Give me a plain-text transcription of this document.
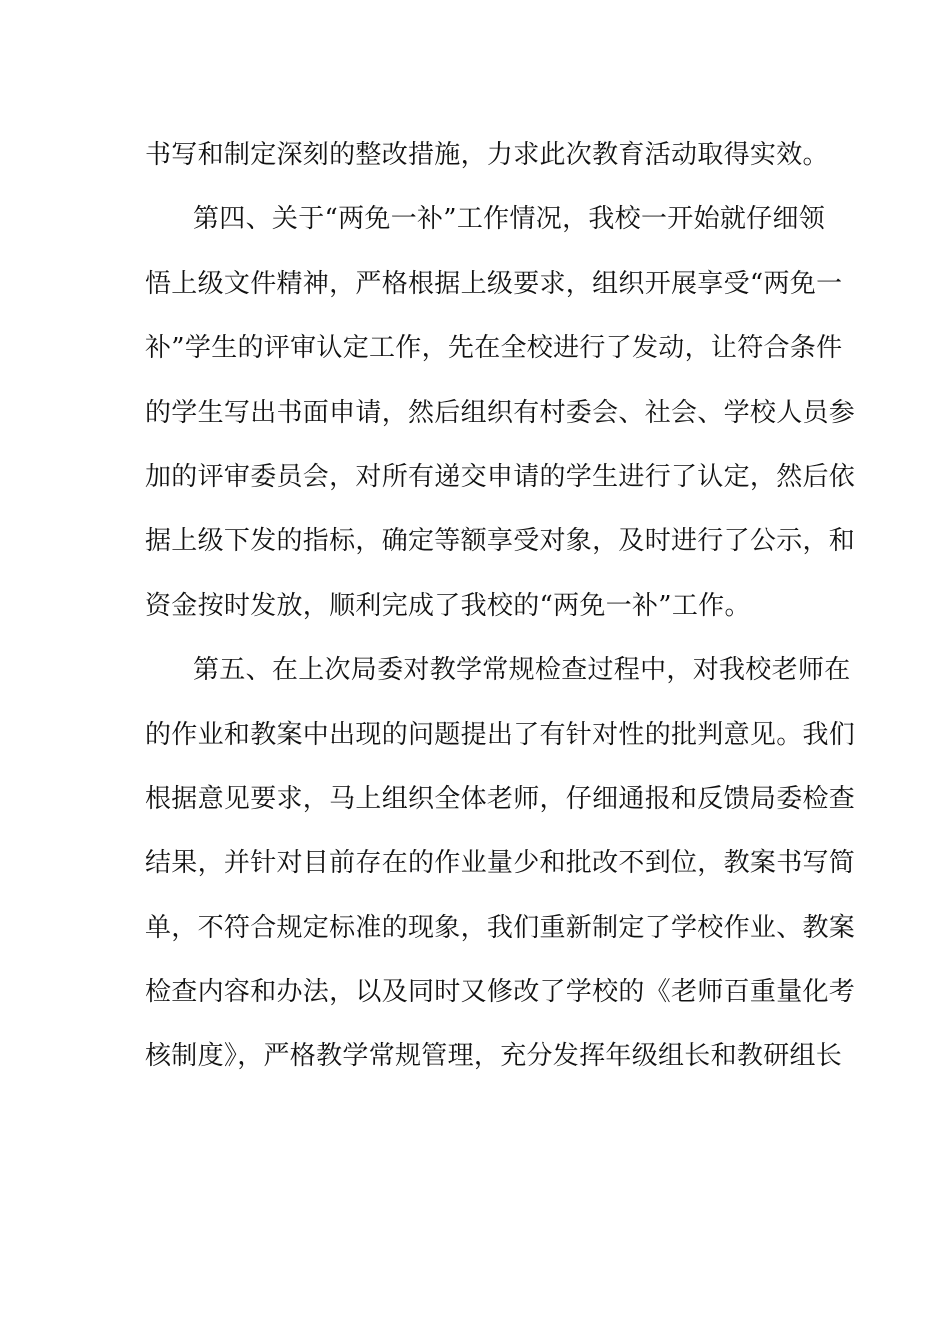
书写和制定深刻的整改措施，力求此次教育活动取得实效。
第四、关于“两免一补”工作情况，我校一开始就仔细领
悟上级文件精神，严格根据上级要求，组织开展享受“两免一
补”学生的评审认定工作，先在全校进行了发动，让符合条件
的学生写出书面申请，然后组织有村委会、社会、学校人员参
加的评审委员会，对所有递交申请的学生进行了认定，然后依
据上级下发的指标，确定等额享受对象，及时进行了公示，和
资金按时发放，顺利完成了我校的“两免一补”工作。
第五、在上次局委对教学常规检查过程中，对我校老师在
的作业和教案中出现的问题提出了有针对性的批判意见。我们
根据意见要求，马上组织全体老师，仔细通报和反馈局委检查
结果，并针对目前存在的作业量少和批改不到位，教案书写简
单，不符合规定标准的现象，我们重新制定了学校作业、教案
检查内容和办法，以及同时又修改了学校的《老师百重量化考
核制度》，严格教学常规管理，充分发挥年级组长和教研组长
